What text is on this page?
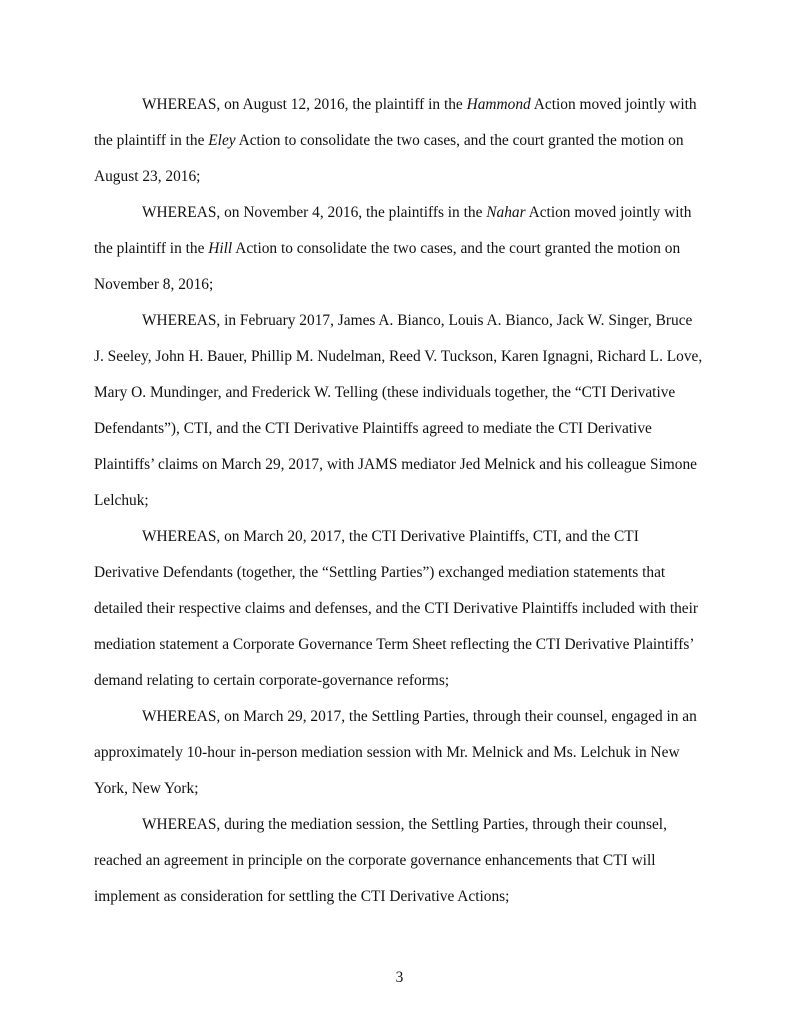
WHEREAS, on August 12, 2016, the plaintiff in the Hammond Action moved jointly with the plaintiff in the Eley Action to consolidate the two cases, and the court granted the motion on August 23, 2016;

WHEREAS, on November 4, 2016, the plaintiffs in the Nahar Action moved jointly with the plaintiff in the Hill Action to consolidate the two cases, and the court granted the motion on November 8, 2016;

WHEREAS, in February 2017, James A. Bianco, Louis A. Bianco, Jack W. Singer, Bruce J. Seeley, John H. Bauer, Phillip M. Nudelman, Reed V. Tuckson, Karen Ignagni, Richard L. Love, Mary O. Mundinger, and Frederick W. Telling (these individuals together, the “CTI Derivative Defendants”), CTI, and the CTI Derivative Plaintiffs agreed to mediate the CTI Derivative Plaintiffs’ claims on March 29, 2017, with JAMS mediator Jed Melnick and his colleague Simone Lelchuk;

WHEREAS, on March 20, 2017, the CTI Derivative Plaintiffs, CTI, and the CTI Derivative Defendants (together, the “Settling Parties”) exchanged mediation statements that detailed their respective claims and defenses, and the CTI Derivative Plaintiffs included with their mediation statement a Corporate Governance Term Sheet reflecting the CTI Derivative Plaintiffs’ demand relating to certain corporate-governance reforms;

WHEREAS, on March 29, 2017, the Settling Parties, through their counsel, engaged in an approximately 10-hour in-person mediation session with Mr. Melnick and Ms. Lelchuk in New York, New York;

WHEREAS, during the mediation session, the Settling Parties, through their counsel, reached an agreement in principle on the corporate governance enhancements that CTI will implement as consideration for settling the CTI Derivative Actions;

3
